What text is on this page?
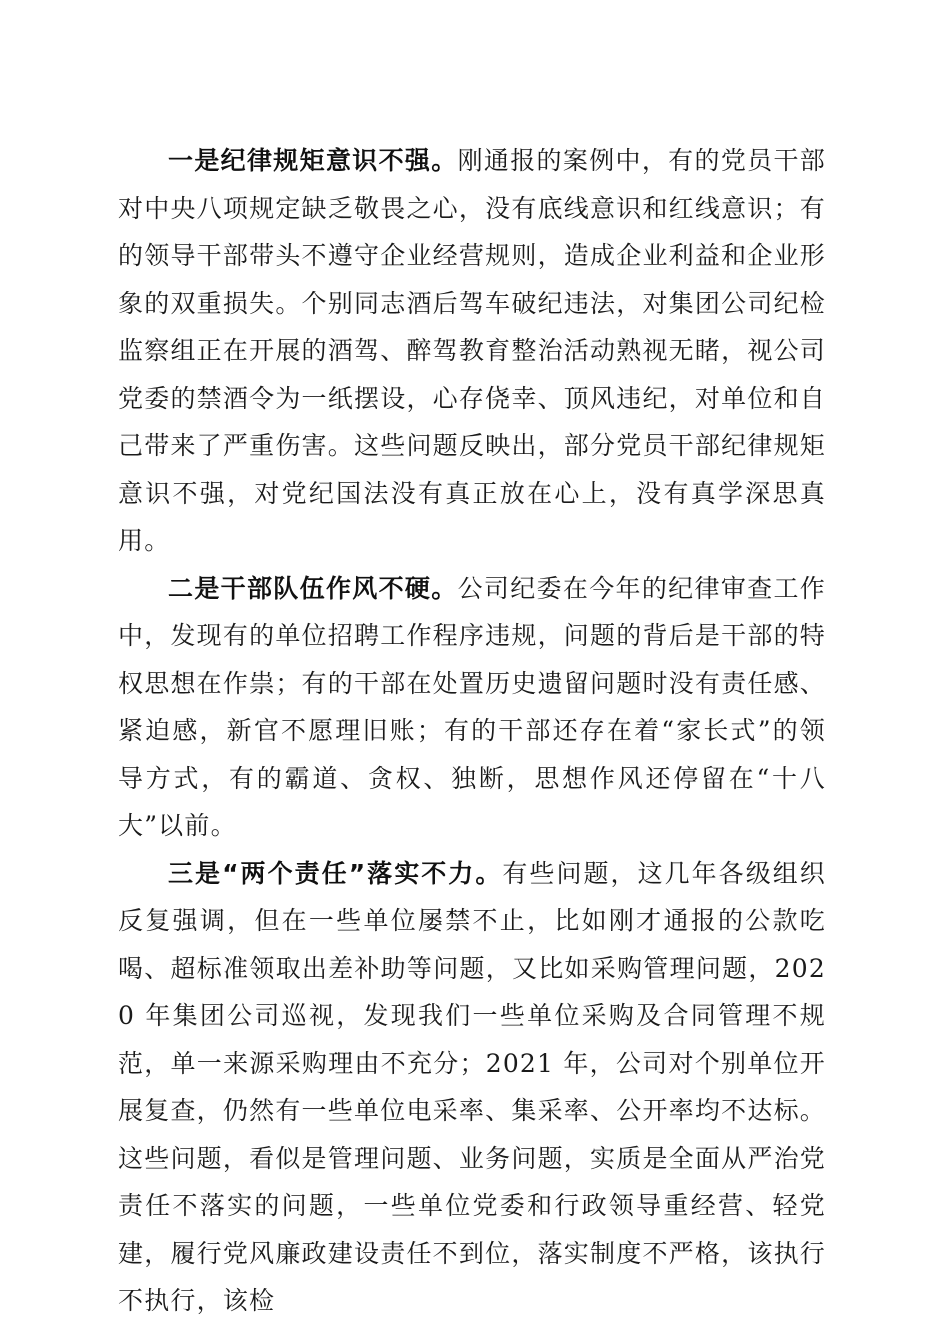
一是纪律规矩意识不强。刚通报的案例中，有的党员干部对中央八项规定缺乏敬畏之心，没有底线意识和红线意识；有的领导干部带头不遵守企业经营规则，造成企业利益和企业形象的双重损失。个别同志酒后驾车破纪违法，对集团公司纪检监察组正在开展的酒驾、醉驾教育整治活动熟视无睹，视公司党委的禁酒令为一纸摆设，心存侥幸、顶风违纪，对单位和自己带来了严重伤害。这些问题反映出，部分党员干部纪律规矩意识不强，对党纪国法没有真正放在心上，没有真学深思真用。

二是干部队伍作风不硬。公司纪委在今年的纪律审查工作中，发现有的单位招聘工作程序违规，问题的背后是干部的特权思想在作祟；有的干部在处置历史遗留问题时没有责任感、紧迫感，新官不愿理旧账；有的干部还存在着“家长式”的领导方式，有的霸道、贪权、独断，思想作风还停留在“十八大”以前。

三是“两个责任”落实不力。有些问题，这几年各级组织反复强调，但在一些单位屡禁不止，比如刚才通报的公款吃喝、超标准领取出差补助等问题，又比如采购管理问题，2020 年集团公司巡视，发现我们一些单位采购及合同管理不规范，单一来源采购理由不充分；2021 年，公司对个别单位开展复查，仍然有一些单位电采率、集采率、公开率均不达标。这些问题，看似是管理问题、业务问题，实质是全面从严治党责任不落实的问题，一些单位党委和行政领导重经营、轻党建，履行党风廉政建设责任不到位，落实制度不严格，该执行不执行，该检
